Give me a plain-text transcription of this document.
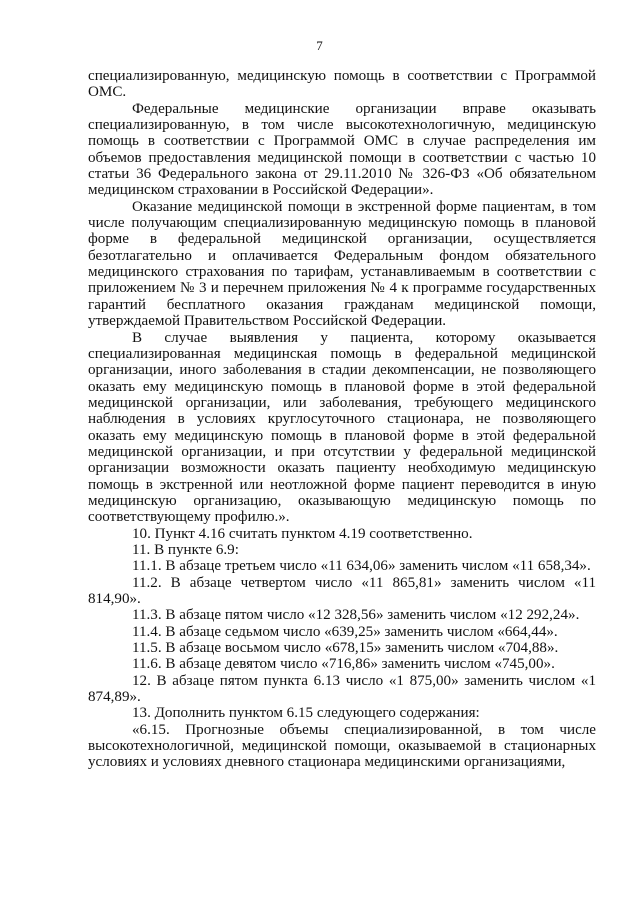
7

специализированную, медицинскую помощь в соответствии с Программой ОМС.

Федеральные медицинские организации вправе оказывать специализированную, в том числе высокотехнологичную, медицинскую помощь в соответствии с Программой ОМС в случае распределения им объемов предоставления медицинской помощи в соответствии с частью 10 статьи 36 Федерального закона от 29.11.2010 № 326-ФЗ «Об обязательном медицинском страховании в Российской Федерации».

Оказание медицинской помощи в экстренной форме пациентам, в том числе получающим специализированную медицинскую помощь в плановой форме в федеральной медицинской организации, осуществляется безотлагательно и оплачивается Федеральным фондом обязательного медицинского страхования по тарифам, устанавливаемым в соответствии с приложением № 3 и перечнем приложения № 4 к программе государственных гарантий бесплатного оказания гражданам медицинской помощи, утверждаемой Правительством Российской Федерации.

В случае выявления у пациента, которому оказывается специализированная медицинская помощь в федеральной медицинской организации, иного заболевания в стадии декомпенсации, не позволяющего оказать ему медицинскую помощь в плановой форме в этой федеральной медицинской организации, или заболевания, требующего медицинского наблюдения в условиях круглосуточного стационара, не позволяющего оказать ему медицинскую помощь в плановой форме в этой федеральной медицинской организации, и при отсутствии у федеральной медицинской организации возможности оказать пациенту необходимую медицинскую помощь в экстренной или неотложной форме пациент переводится в иную медицинскую организацию, оказывающую медицинскую помощь по соответствующему профилю.».

10. Пункт 4.16 считать пунктом 4.19 соответственно.

11. В пункте 6.9:

11.1. В абзаце третьем число «11 634,06» заменить числом «11 658,34».

11.2. В абзаце четвертом число «11 865,81» заменить числом «11 814,90».

11.3. В абзаце пятом число «12 328,56» заменить числом «12 292,24».

11.4. В абзаце седьмом число «639,25» заменить числом «664,44».

11.5. В абзаце восьмом число «678,15» заменить числом «704,88».

11.6. В абзаце девятом число «716,86» заменить числом «745,00».

12. В абзаце пятом пункта 6.13 число «1 875,00» заменить числом «1 874,89».

13. Дополнить пунктом 6.15 следующего содержания:

«6.15. Прогнозные объемы специализированной, в том числе высокотехнологичной, медицинской помощи, оказываемой в стационарных условиях и условиях дневного стационара медицинскими организациями,
